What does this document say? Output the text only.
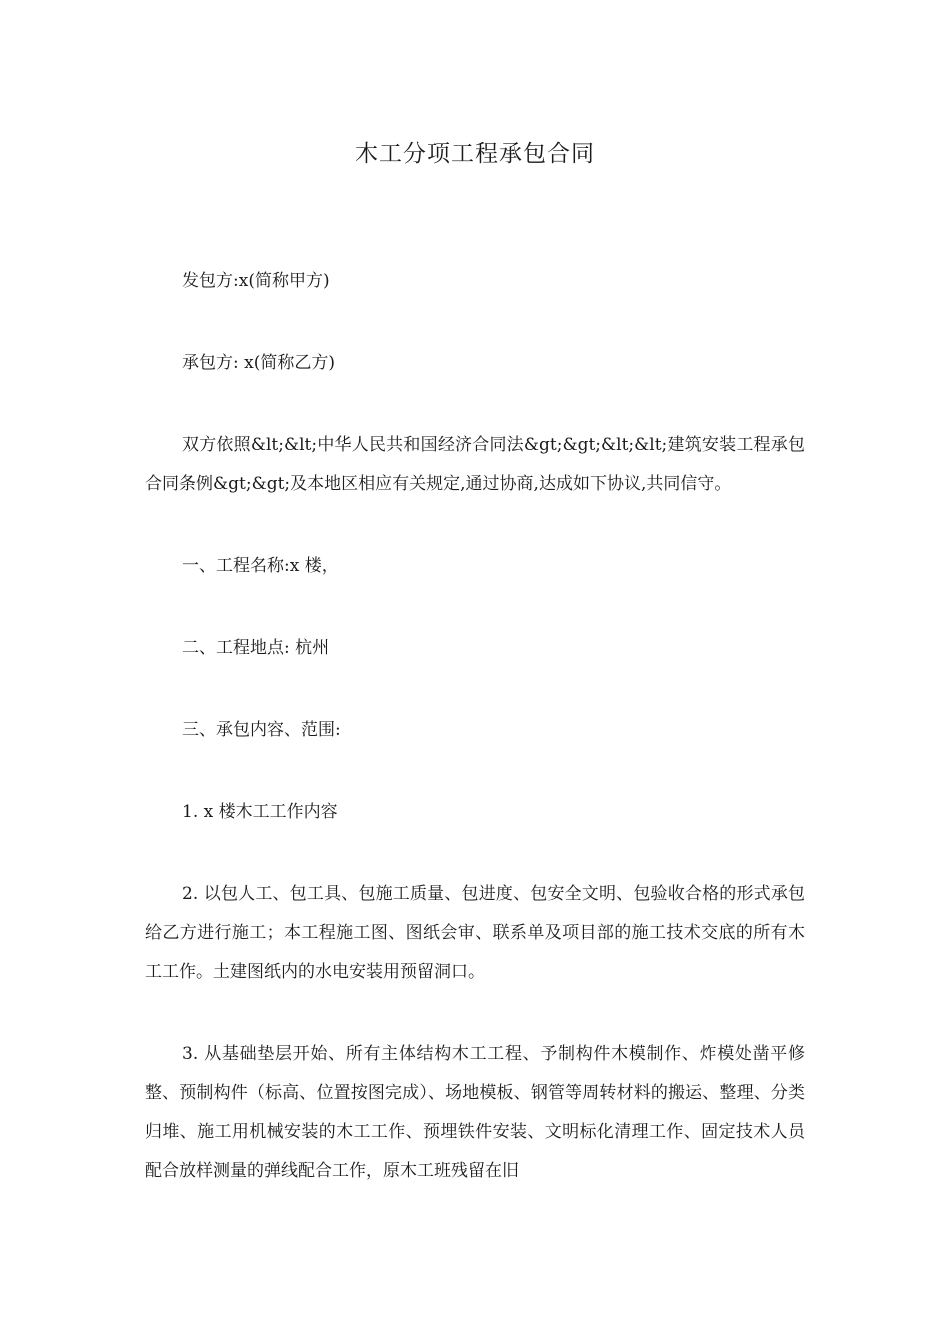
木工分项工程承包合同

发包方:x(简称甲方)

承包方: x(简称乙方)

双方依照&lt;&lt;中华人民共和国经济合同法&gt;&gt;&lt;&lt;建筑安装工程承包合同条例&gt;&gt;及本地区相应有关规定,通过协商,达成如下协议,共同信守。

一、工程名称:x 楼，

二、工程地点: 杭州

三、承包内容、范围:

1. x 楼木工工作内容

2. 以包人工、包工具、包施工质量、包进度、包安全文明、包验收合格的形式承包给乙方进行施工；本工程施工图、图纸会审、联系单及项目部的施工技术交底的所有木工工作。土建图纸内的水电安装用预留洞口。

3. 从基础垫层开始、所有主体结构木工工程、予制构件木模制作、炸模处凿平修整、预制构件（标高、位置按图完成）、场地模板、钢管等周转材料的搬运、整理、分类归堆、施工用机械安装的木工工作、预埋铁件安装、文明标化清理工作、固定技术人员配合放样测量的弹线配合工作，原木工班残留在旧
